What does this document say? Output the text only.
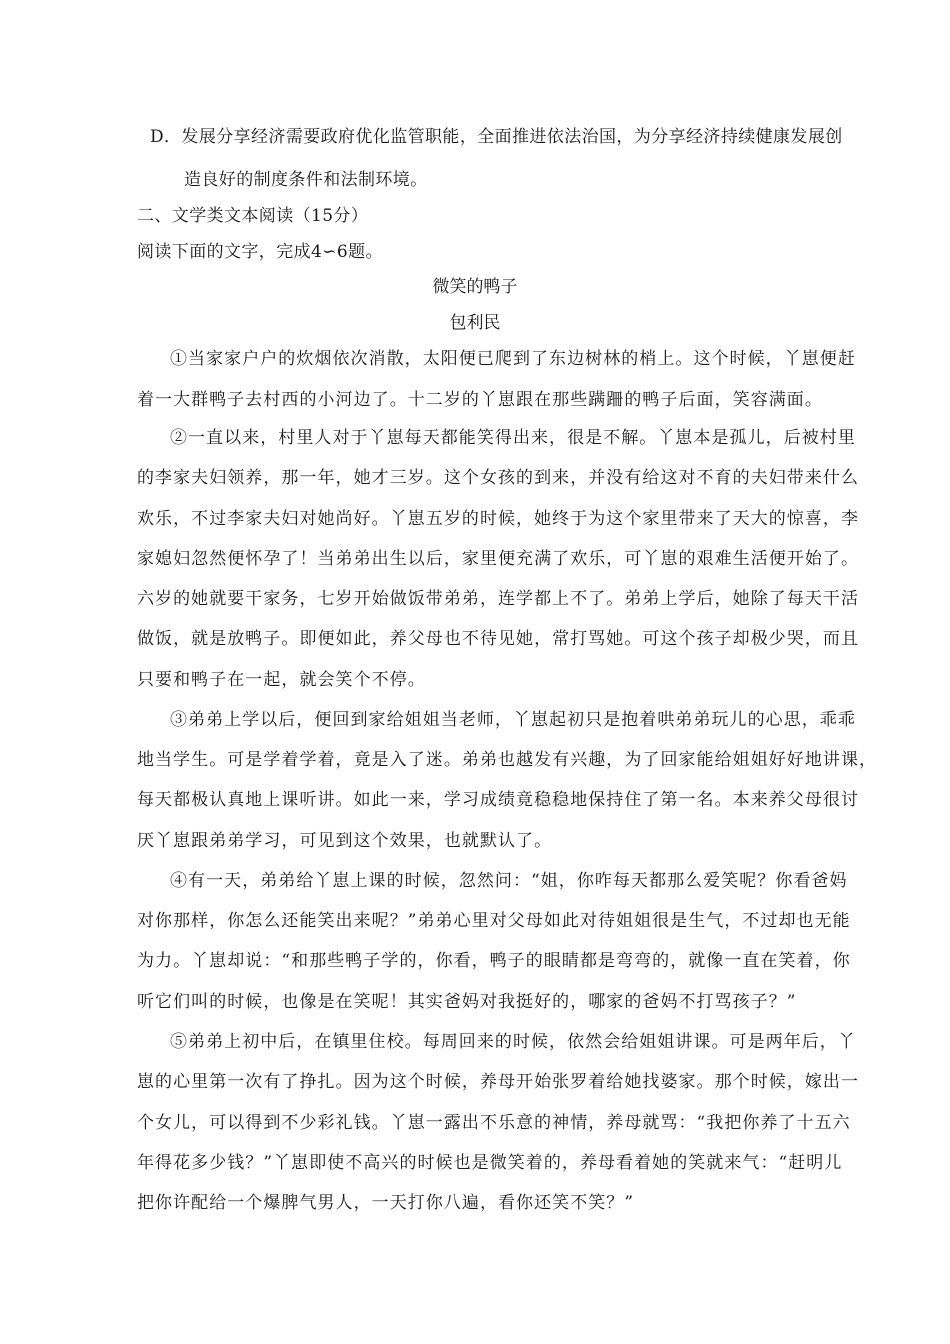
D．发展分享经济需要政府优化监管职能，全面推进依法治国，为分享经济持续健康发展创
造良好的制度条件和法制环境。
二、文学类文本阅读（15分）
阅读下面的文字，完成4∽6题。
微笑的鸭子
包利民
①当家家户户的炊烟依次消散，太阳便已爬到了东边树林的梢上。这个时候，丫崽便赶
着一大群鸭子去村西的小河边了。十二岁的丫崽跟在那些蹒跚的鸭子后面，笑容满面。
②一直以来，村里人对于丫崽每天都能笑得出来，很是不解。丫崽本是孤儿，后被村里
的李家夫妇领养，那一年，她才三岁。这个女孩的到来，并没有给这对不育的夫妇带来什么
欢乐，不过李家夫妇对她尚好。丫崽五岁的时候，她终于为这个家里带来了天大的惊喜，李
家媳妇忽然便怀孕了！当弟弟出生以后，家里便充满了欢乐，可丫崽的艰难生活便开始了。
六岁的她就要干家务，七岁开始做饭带弟弟，连学都上不了。弟弟上学后，她除了每天干活
做饭，就是放鸭子。即便如此，养父母也不待见她，常打骂她。可这个孩子却极少哭，而且
只要和鸭子在一起，就会笑个不停。
③弟弟上学以后，便回到家给姐姐当老师，丫崽起初只是抱着哄弟弟玩儿的心思，乖乖
地当学生。可是学着学着，竟是入了迷。弟弟也越发有兴趣，为了回家能给姐姐好好地讲课，
每天都极认真地上课听讲。如此一来，学习成绩竟稳稳地保持住了第一名。本来养父母很讨
厌丫崽跟弟弟学习，可见到这个效果，也就默认了。
④有一天，弟弟给丫崽上课的时候，忽然问：“姐，你咋每天都那么爱笑呢？你看爸妈
对你那样，你怎么还能笑出来呢？”弟弟心里对父母如此对待姐姐很是生气，不过却也无能
为力。丫崽却说：“和那些鸭子学的，你看，鸭子的眼睛都是弯弯的，就像一直在笑着，你
听它们叫的时候，也像是在笑呢！其实爸妈对我挺好的，哪家的爸妈不打骂孩子？”
⑤弟弟上初中后，在镇里住校。每周回来的时候，依然会给姐姐讲课。可是两年后，丫
崽的心里第一次有了挣扎。因为这个时候，养母开始张罗着给她找婆家。那个时候，嫁出一
个女儿，可以得到不少彩礼钱。丫崽一露出不乐意的神情，养母就骂：“我把你养了十五六
年得花多少钱？”丫崽即使不高兴的时候也是微笑着的，养母看着她的笑就来气：“赶明儿
把你许配给一个爆脾气男人，一天打你八遍，看你还笑不笑？”
